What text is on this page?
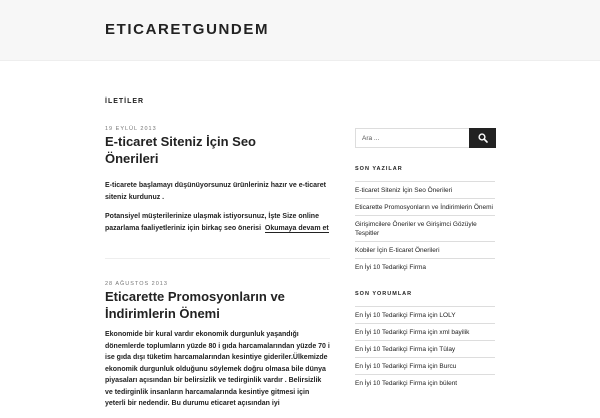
ETICARETGUNDEM
İLETİLER
19 EYLÜL 2013
E-ticaret Siteniz İçin Seo Önerileri

E-ticarete başlamayı düşünüyorsunuz ürünleriniz hazır ve e-ticaret siteniz kurdunuz .

Potansiyel müşterilerinize ulaşmak istiyorsunuz, İşte Size online pazarlama faaliyetleriniz için birkaç seo önerisi Okumaya devam et

28 AĞUSTOS 2013
Eticarette Promosyonların ve İndirimlerin Önemi

Ekonomide bir kural vardır ekonomik durgunluk yaşandığı dönemlerde toplumların yüzde 80 i gıda harcamalarından yüzde 70 i ise gıda dışı tüketim harcamalarından kesintiye gideriler.Ülkemizde ekonomik durgunluk olduğunu söylemek doğru olmasa bile dünya piyasaları açısından bir belirsizlik ve tedirginlik vardır . Belirsizlik ve tedirginlik insanların harcamalarında kesintiye gitmesi için yeterli bir nedendir. Bu durumu eticaret açısından iyi

Ara ...
SON YAZILAR
E-ticaret Siteniz İçin Seo Önerileri
Eticarette Promosyonların ve İndirimlerin Önemi
Girişimcilere Öneriler ve Girişimci Gözüyle Tespitler
Kobiler İçin E-ticaret Önerileri
En İyi 10 Tedarikçi Firma
SON YORUMLAR
En İyi 10 Tedarikçi Firma için LOLY
En İyi 10 Tedarikçi Firma için xml bayilik
En İyi 10 Tedarikçi Firma için Tülay
En İyi 10 Tedarikçi Firma için Burcu
En İyi 10 Tedarikçi Firma için bülent
